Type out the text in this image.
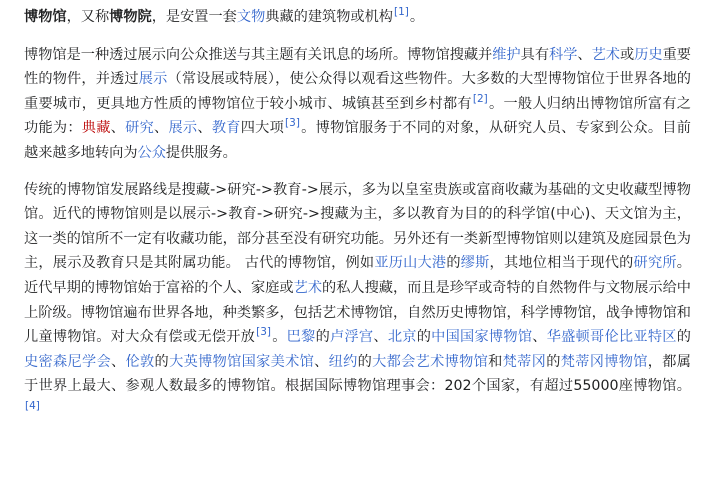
博物馆，又称博物院，是安置一套文物典藏的建筑物或机构[1]。

博物馆是一种透过展示向公众推送与其主题有关讯息的场所。博物馆搜藏并维护具有科学、艺术或历史重要性的物件，并透过展示（常设展或特展），使公众得以观看这些物件。大多数的大型博物馆位于世界各地的重要城市，更具地方性质的博物馆位于较小城市、城镇甚至到乡村都有[2]。一般人归纳出博物馆所富有之功能为：典藏、研究、展示、教育四大项[3]。博物馆服务于不同的对象，从研究人员、专家到公众。目前越来越多地转向为公众提供服务。

传统的博物馆发展路线是搜藏->研究->教育->展示，多为以皇室贵族或富商收藏为基础的文史收藏型博物馆。近代的博物馆则是以展示->教育->研究->搜藏为主，多以教育为目的的科学馆(中心)、天文馆为主，这一类的馆所不一定有收藏功能，部分甚至没有研究功能。另外还有一类新型博物馆则以建筑及庭园景色为主，展示及教育只是其附属功能。 古代的博物馆，例如亚历山大港的缪斯，其地位相当于现代的研究所。近代早期的博物馆始于富裕的个人、家庭或艺术的私人搜藏，而且是珍罕或奇特的自然物件与文物展示给中上阶级。博物馆遍布世界各地，种类繁多，包括艺术博物馆，自然历史博物馆，科学博物馆，战争博物馆和儿童博物馆。对大众有偿或无偿开放[3]。巴黎的卢浮宫、北京的中国国家博物馆、华盛顿哥伦比亚特区的史密森尼学会、伦敦的大英博物馆国家美术馆、纽约的大都会艺术博物馆和梵蒂冈的梵蒂冈博物馆，都属于世界上最大、参观人数最多的博物馆。根据国际博物馆理事会：202个国家，有超过55000座博物馆。[4]
